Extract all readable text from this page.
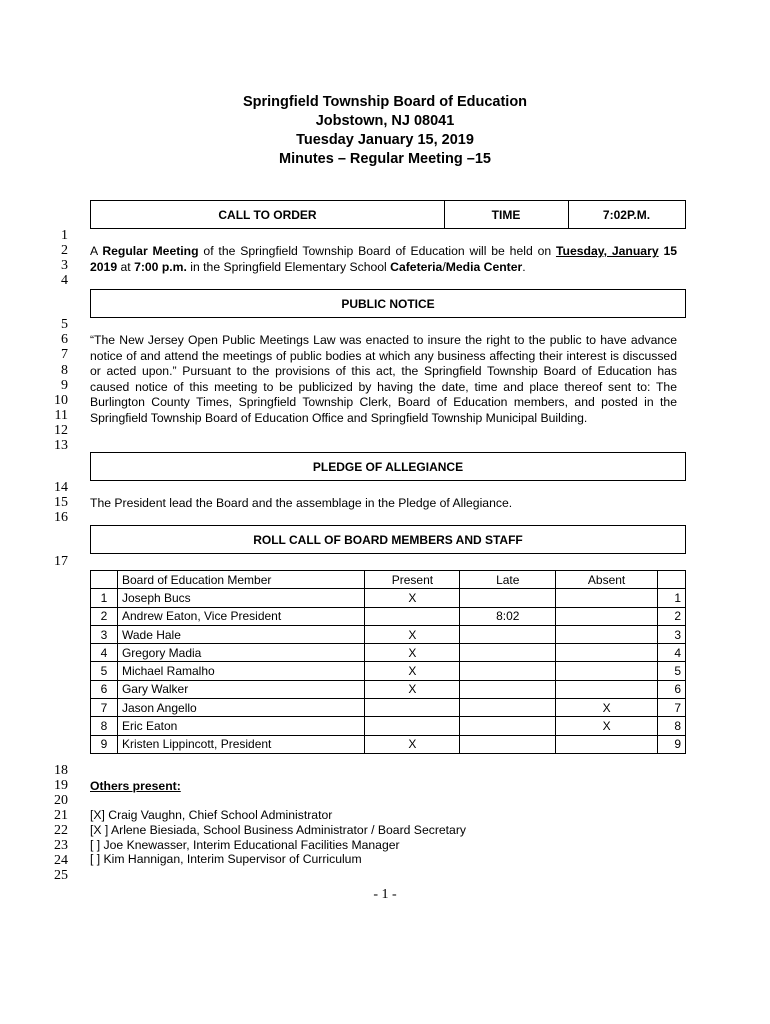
Springfield Township Board of Education
Jobstown, NJ 08041
Tuesday January 15, 2019
Minutes – Regular Meeting –15
CALL TO ORDER	TIME	7:02P.M.
1
2
3
4
5
6
7
8
9
10
11
12
13
14
15
16
17
18
19
20
21
22
23
24
25
A Regular Meeting of the Springfield Township Board of Education will be held on Tuesday, January 15 2019 at 7:00 p.m. in the Springfield Elementary School Cafeteria/Media Center.
PUBLIC NOTICE
“The New Jersey Open Public Meetings Law was enacted to insure the right to the public to have advance notice of and attend the meetings of public bodies at which any business affecting their interest is discussed or acted upon.” Pursuant to the provisions of this act, the Springfield Township Board of Education has caused notice of this meeting to be publicized by having the date, time and place thereof sent to: The Burlington County Times, Springfield Township Clerk, Board of Education members, and posted in the Springfield Township Board of Education Office and Springfield Township Municipal Building.
PLEDGE OF ALLEGIANCE
The President lead the Board and the assemblage in the Pledge of Allegiance.
ROLL CALL OF BOARD MEMBERS AND STAFF
	Board of Education Member	Present	Late	Absent	
1	Joseph Bucs	X			1
2	Andrew Eaton, Vice President		8:02		2
3	Wade Hale	X			3
4	Gregory Madia	X			4
5	Michael Ramalho	X			5
6	Gary Walker	X			6
7	Jason Angello			X	7
8	Eric Eaton			X	8
9	Kristen Lippincott, President	X			9
Others present:
[X] Craig Vaughn, Chief School Administrator
[X ] Arlene Biesiada, School Business Administrator / Board Secretary
[ ] Joe Knewasser, Interim Educational Facilities Manager
[ ] Kim Hannigan, Interim Supervisor of Curriculum
- 1 -
